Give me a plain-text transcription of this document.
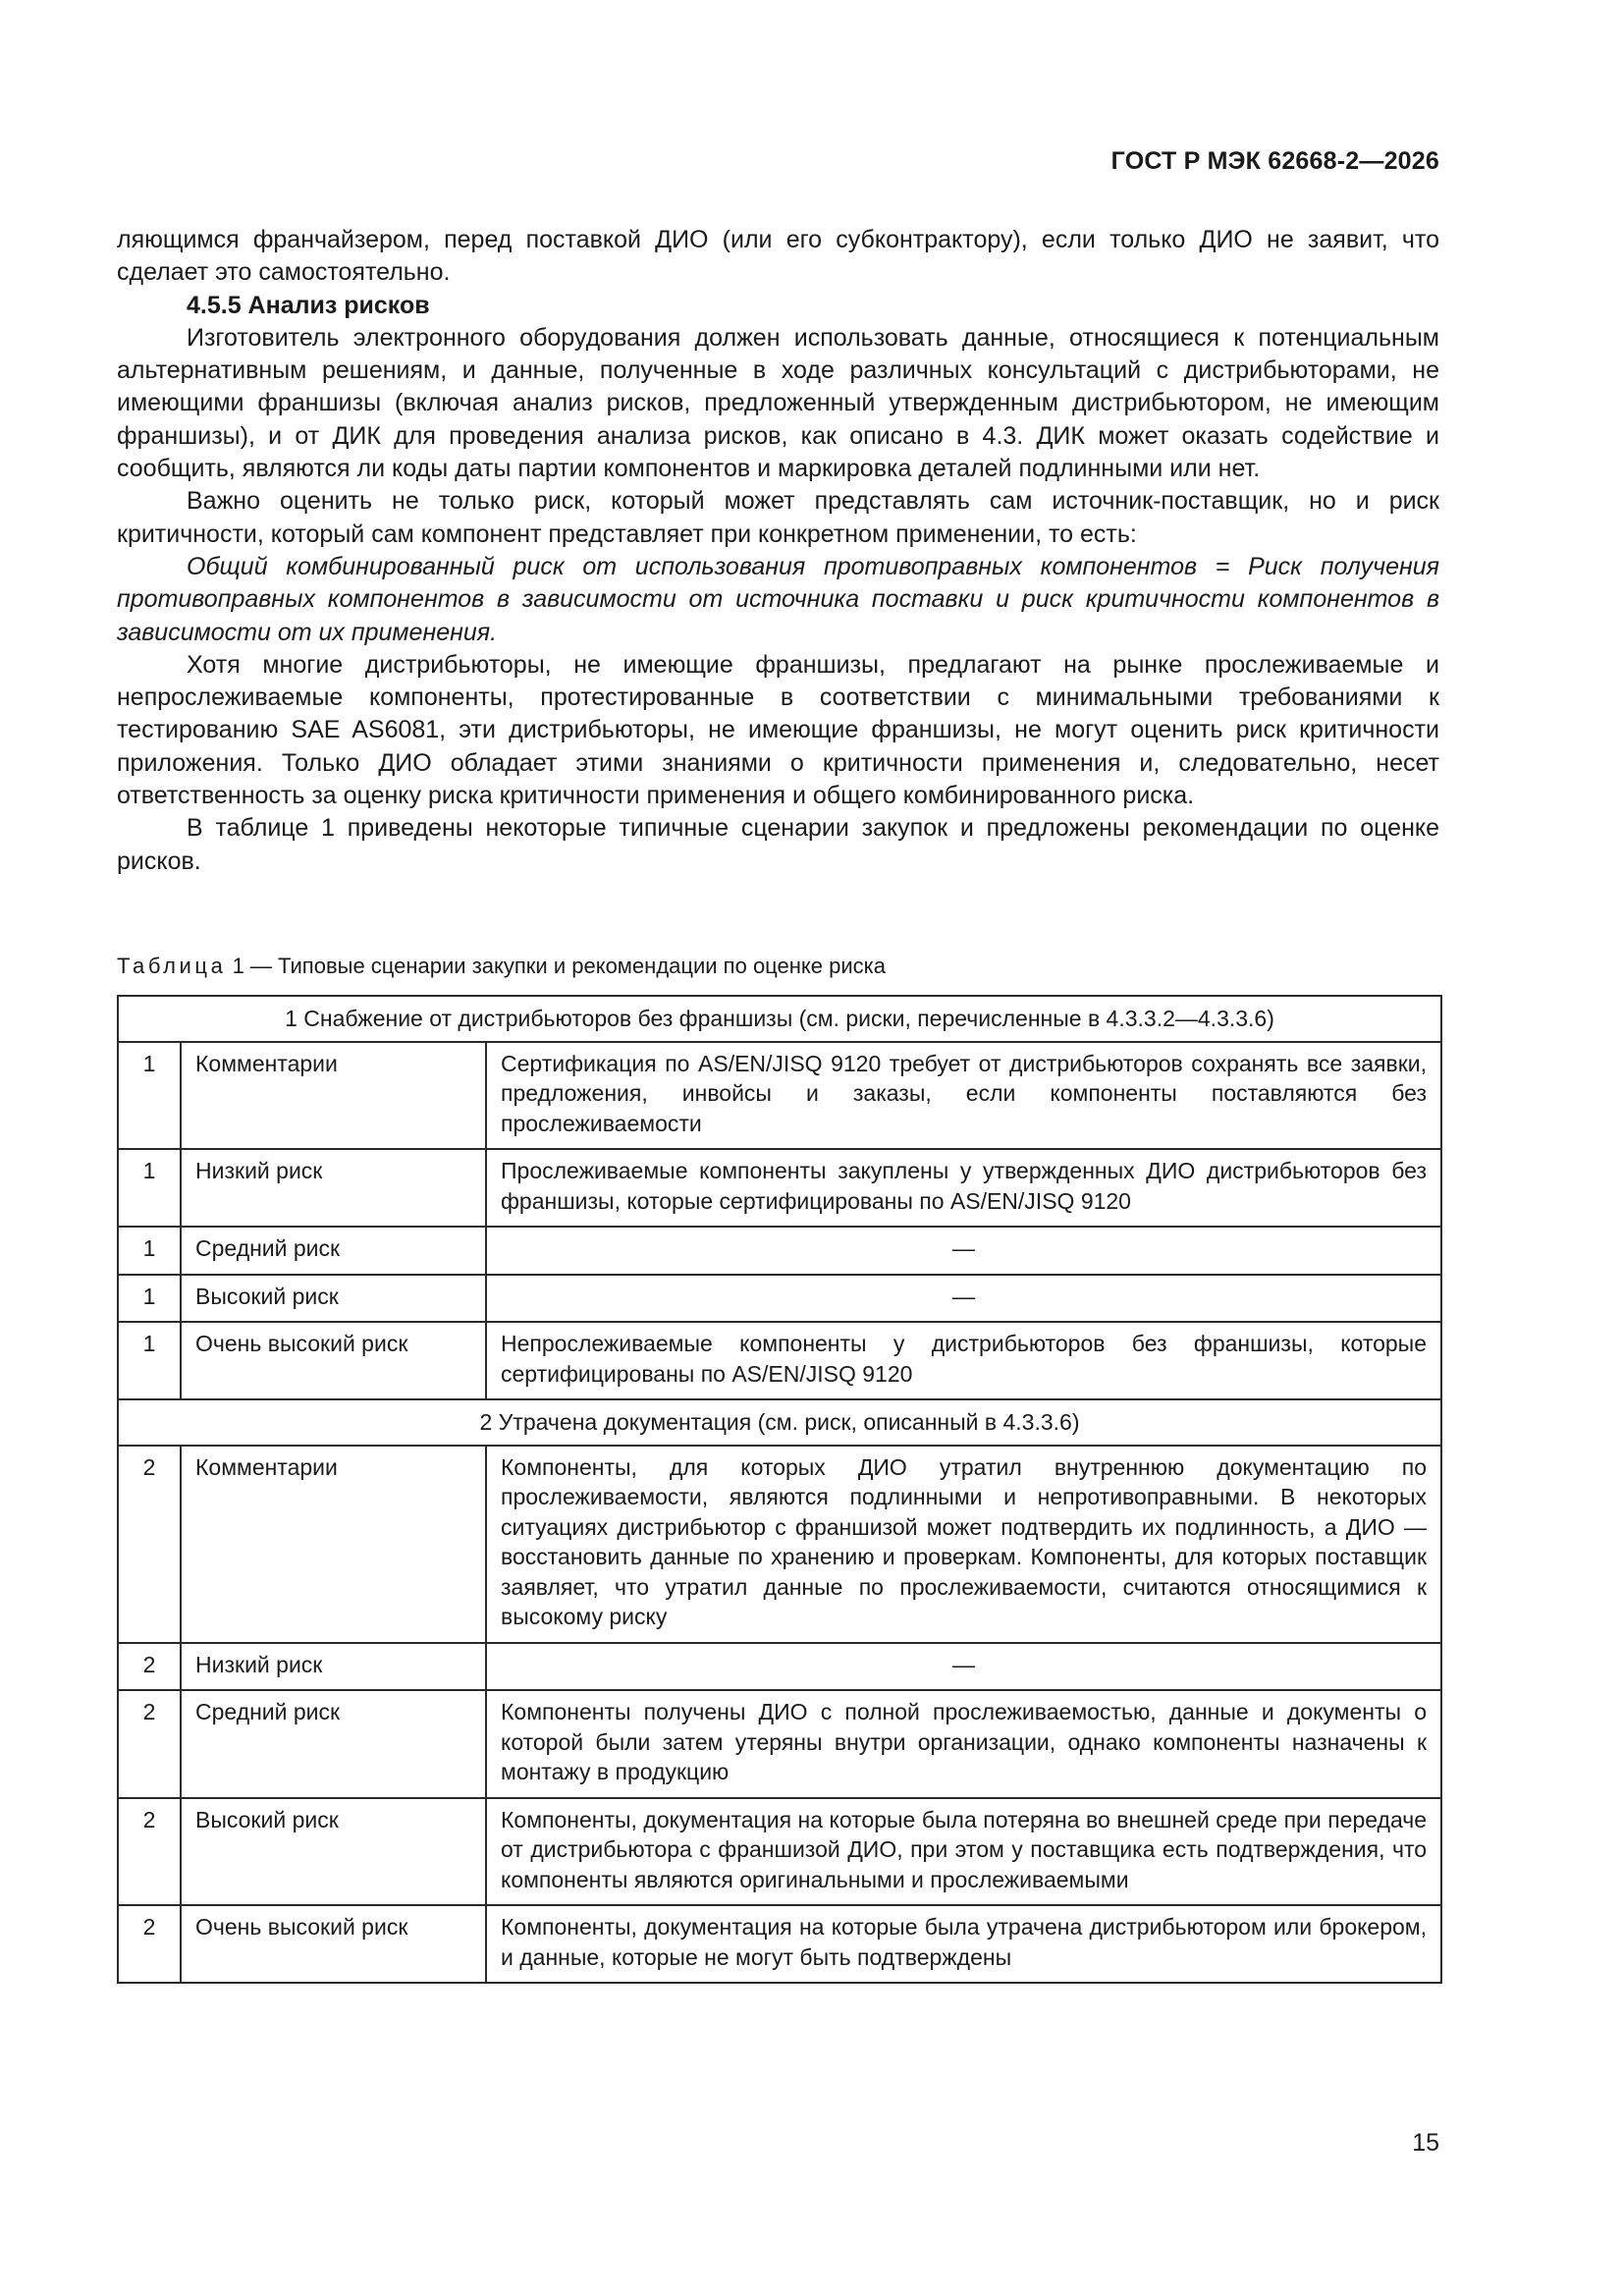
ГОСТ Р МЭК 62668-2—2026

ляющимся франчайзером, перед поставкой ДИО (или его субконтрактору), если только ДИО не заявит, что сделает это самостоятельно.

4.5.5 Анализ рисков

Изготовитель электронного оборудования должен использовать данные, относящиеся к потенциальным альтернативным решениям, и данные, полученные в ходе различных консультаций с дистрибьюторами, не имеющими франшизы (включая анализ рисков, предложенный утвержденным дистрибьютором, не имеющим франшизы), и от ДИК для проведения анализа рисков, как описано в 4.3. ДИК может оказать содействие и сообщить, являются ли коды даты партии компонентов и маркировка деталей подлинными или нет.

Важно оценить не только риск, который может представлять сам источник-поставщик, но и риск критичности, который сам компонент представляет при конкретном применении, то есть:

Общий комбинированный риск от использования противоправных компонентов = Риск получения противоправных компонентов в зависимости от источника поставки и риск критичности компонентов в зависимости от их применения.

Хотя многие дистрибьюторы, не имеющие франшизы, предлагают на рынке прослеживаемые и непрослеживаемые компоненты, протестированные в соответствии с минимальными требованиями к тестированию SAE AS6081, эти дистрибьюторы, не имеющие франшизы, не могут оценить риск критичности приложения. Только ДИО обладает этими знаниями о критичности применения и, следовательно, несет ответственность за оценку риска критичности применения и общего комбинированного риска.

В таблице 1 приведены некоторые типичные сценарии закупок и предложены рекомендации по оценке рисков.

Таблица 1 — Типовые сценарии закупки и рекомендации по оценке риска
1 Снабжение от дистрибьюторов без франшизы (см. риски, перечисленные в 4.3.3.2—4.3.3.6)		
1	Комментарии	Сертификация по AS/EN/JISQ 9120 требует от дистрибьюторов сохранять все заявки, предложения, инвойсы и заказы, если компоненты поставляются без прослеживаемости
1	Низкий риск	Прослеживаемые компоненты закуплены у утвержденных ДИО дистрибьюторов без франшизы, которые сертифицированы по AS/EN/JISQ 9120
1	Средний риск	—
1	Высокий риск	—
1	Очень высокий риск	Непрослеживаемые компоненты у дистрибьюторов без франшизы, которые сертифицированы по AS/EN/JISQ 9120
2 Утрачена документация (см. риск, описанный в 4.3.3.6)		
2	Комментарии	Компоненты, для которых ДИО утратил внутреннюю документацию по прослеживаемости, являются подлинными и непротивоправными. В некоторых ситуациях дистрибьютор с франшизой может подтвердить их подлинность, а ДИО — восстановить данные по хранению и проверкам. Компоненты, для которых поставщик заявляет, что утратил данные по прослеживаемости, считаются относящимися к высокому риску
2	Низкий риск	—
2	Средний риск	Компоненты получены ДИО с полной прослеживаемостью, данные и документы о которой были затем утеряны внутри организации, однако компоненты назначены к монтажу в продукцию
2	Высокий риск	Компоненты, документация на которые была потеряна во внешней среде при передаче от дистрибьютора с франшизой ДИО, при этом у поставщика есть подтверждения, что компоненты являются оригинальными и прослеживаемыми
2	Очень высокий риск	Компоненты, документация на которые была утрачена дистрибьютором или брокером, и данные, которые не могут быть подтверждены
15
